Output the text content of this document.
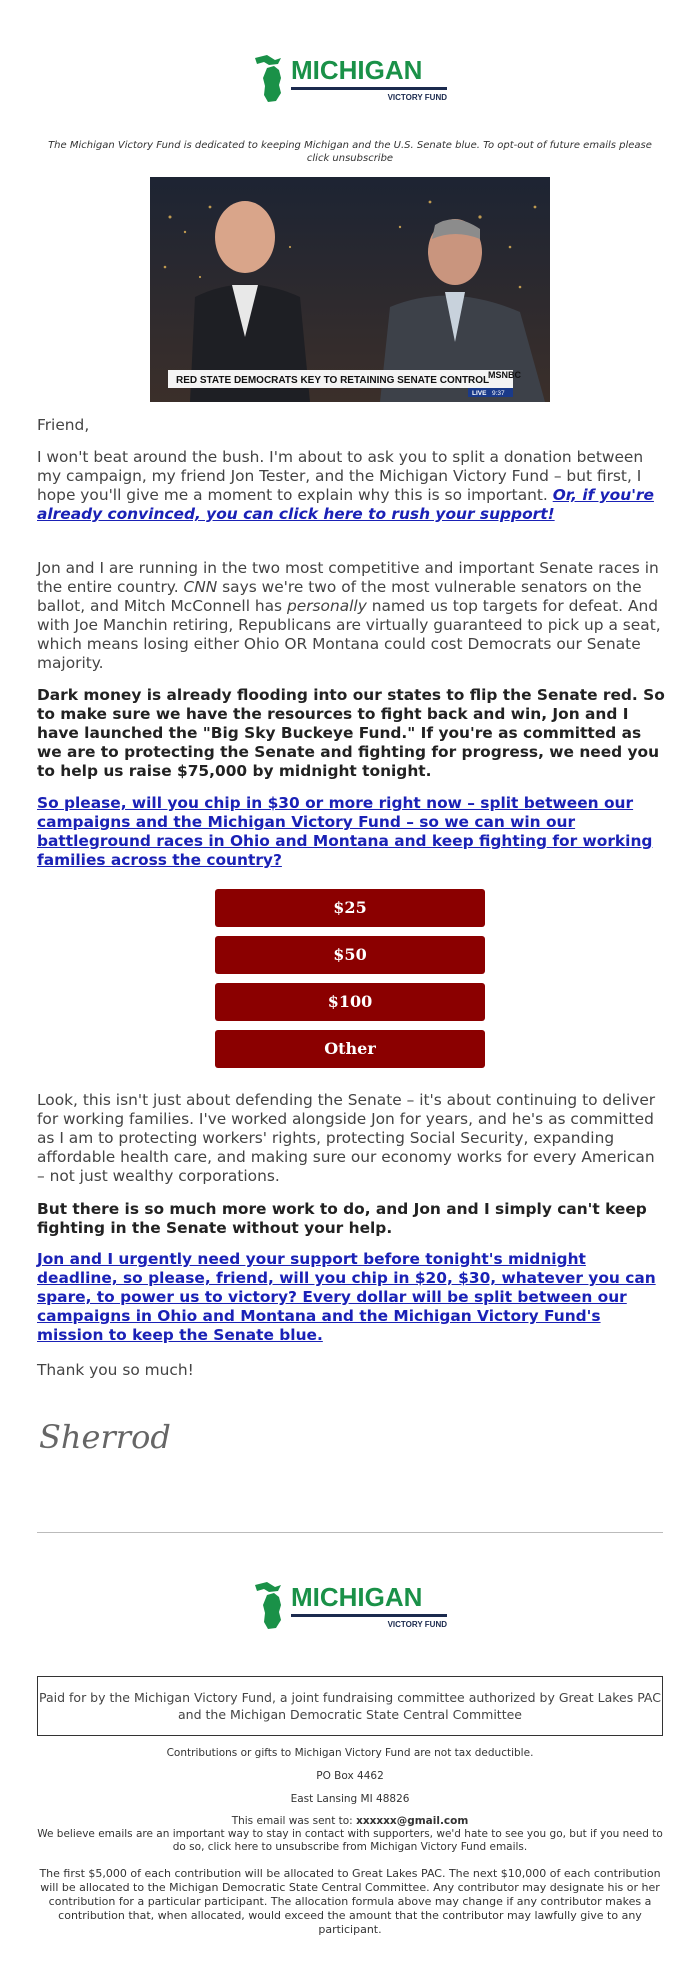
MICHIGAN
VICTORY FUND
The Michigan Victory Fund is dedicated to keeping Michigan and the U.S. Senate blue. To opt-out of future emails please click unsubscribe
RED STATE DEMOCRATS KEY TO RETAINING SENATE CONTROL
MSNBC
LIVE 9:37
Friend,
I won't beat around the bush. I'm about to ask you to split a donation between my campaign, my friend Jon Tester, and the Michigan Victory Fund – but first, I hope you'll give me a moment to explain why this is so important. Or, if you're already convinced, you can click here to rush your support!
Jon and I are running in the two most competitive and important Senate races in the entire country. CNN says we're two of the most vulnerable senators on the ballot, and Mitch McConnell has personally named us top targets for defeat. And with Joe Manchin retiring, Republicans are virtually guaranteed to pick up a seat, which means losing either Ohio OR Montana could cost Democrats our Senate majority.
Dark money is already flooding into our states to flip the Senate red. So to make sure we have the resources to fight back and win, Jon and I have launched the "Big Sky Buckeye Fund." If you're as committed as we are to protecting the Senate and fighting for progress, we need you to help us raise $75,000 by midnight tonight.
So please, will you chip in $30 or more right now – split between our campaigns and the Michigan Victory Fund – so we can win our battleground races in Ohio and Montana and keep fighting for working families across the country?
$25
$50
$100
Other
Look, this isn't just about defending the Senate – it's about continuing to deliver for working families. I've worked alongside Jon for years, and he's as committed as I am to protecting workers' rights, protecting Social Security, expanding affordable health care, and making sure our economy works for every American – not just wealthy corporations.
But there is so much more work to do, and Jon and I simply can't keep fighting in the Senate without your help.
Jon and I urgently need your support before tonight's midnight deadline, so please, friend, will you chip in $20, $30, whatever you can spare, to power us to victory? Every dollar will be split between our campaigns in Ohio and Montana and the Michigan Victory Fund's mission to keep the Senate blue.
Thank you so much!
Sherrod
MICHIGAN
VICTORY FUND
Paid for by the Michigan Victory Fund, a joint fundraising committee authorized by Great Lakes PAC and the Michigan Democratic State Central Committee
Contributions or gifts to Michigan Victory Fund are not tax deductible.
PO Box 4462
East Lansing MI 48826
This email was sent to: xxxxxx@gmail.com
We believe emails are an important way to stay in contact with supporters, we'd hate to see you go, but if you need to do so, click here to unsubscribe from Michigan Victory Fund emails.
The first $5,000 of each contribution will be allocated to Great Lakes PAC. The next $10,000 of each contribution will be allocated to the Michigan Democratic State Central Committee. Any contributor may designate his or her contribution for a particular participant. The allocation formula above may change if any contributor makes a contribution that, when allocated, would exceed the amount that the contributor may lawfully give to any participant.
